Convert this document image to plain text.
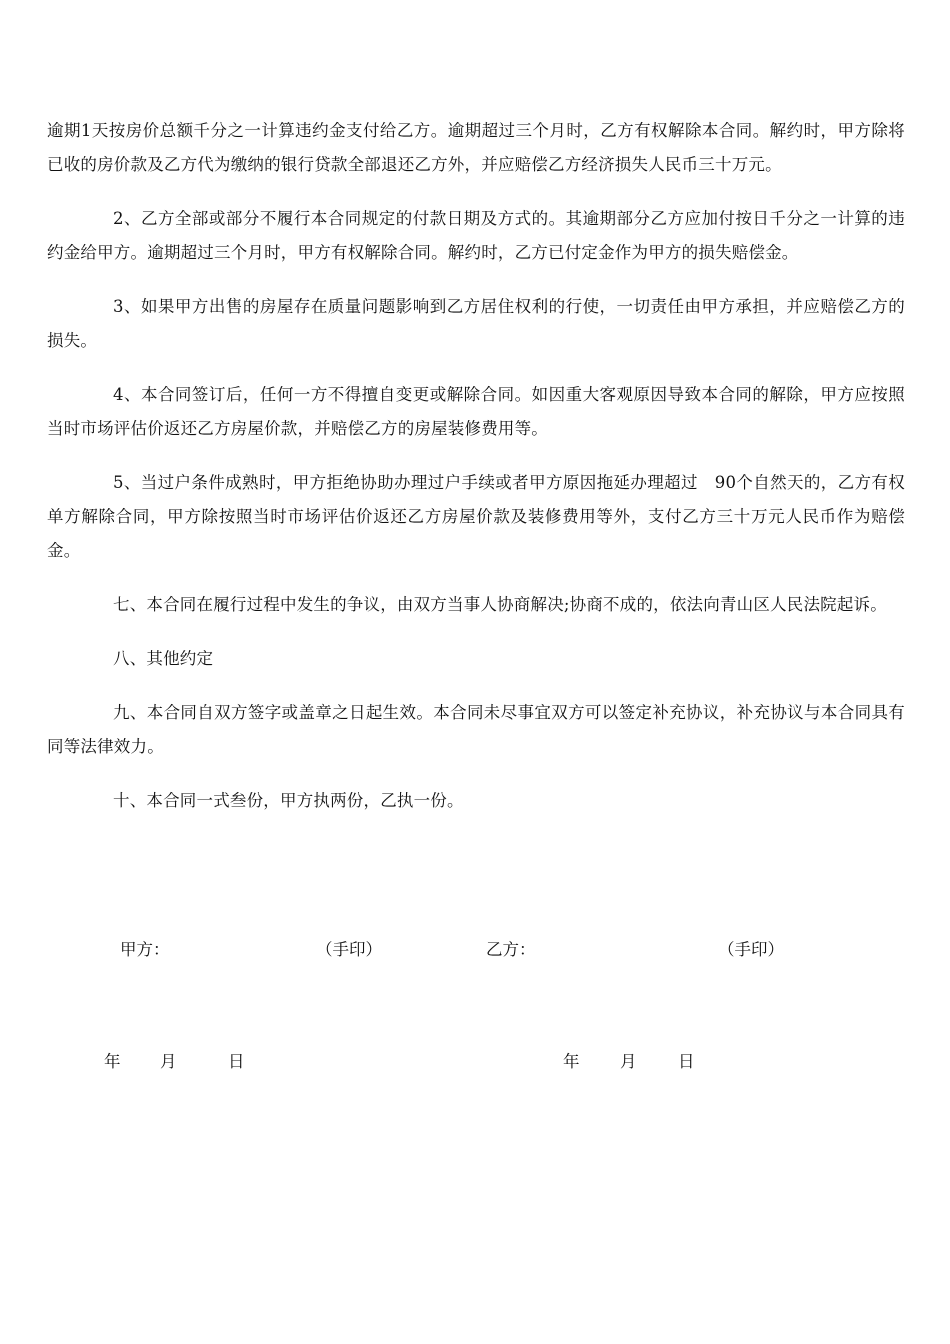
逾期1天按房价总额千分之一计算违约金支付给乙方。逾期超过三个月时，乙方有权解除本合同。解约时，甲方除将已收的房价款及乙方代为缴纳的银行贷款全部退还乙方外，并应赔偿乙方经济损失人民币三十万元。

2、乙方全部或部分不履行本合同规定的付款日期及方式的。其逾期部分乙方应加付按日千分之一计算的违约金给甲方。逾期超过三个月时，甲方有权解除合同。解约时，乙方已付定金作为甲方的损失赔偿金。

3、如果甲方出售的房屋存在质量问题影响到乙方居住权利的行使，一切责任由甲方承担，并应赔偿乙方的损失。

4、本合同签订后，任何一方不得擅自变更或解除合同。如因重大客观原因导致本合同的解除，甲方应按照当时市场评估价返还乙方房屋价款，并赔偿乙方的房屋装修费用等。

5、当过户条件成熟时，甲方拒绝协助办理过户手续或者甲方原因拖延办理超过　90个自然天的，乙方有权单方解除合同，甲方除按照当时市场评估价返还乙方房屋价款及装修费用等外，支付乙方三十万元人民币作为赔偿金。

七、本合同在履行过程中发生的争议，由双方当事人协商解决;协商不成的，依法向青山区人民法院起诉。

八、其他约定

九、本合同自双方签字或盖章之日起生效。本合同未尽事宜双方可以签定补充协议，补充协议与本合同具有同等法律效力。

十、本合同一式叁份，甲方执两份，乙执一份。

甲方：	（手印）	乙方：	（手印）
年 月	日	年 月	日
